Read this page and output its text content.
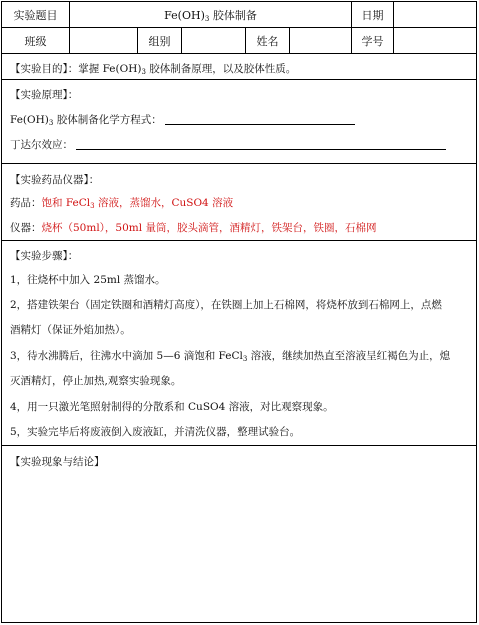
实验题目	$Fe(OH)_3$ 胶体制备	日期
班级	组别	姓名	学号
【实验目的】：掌握 $Fe(OH)_3$ 胶体制备原理，以及胶体性质。
【实验原理】：
$Fe(OH)_3$ 胶体制备化学方程式：
丁达尔效应：
【实验药品仪器】：
药品：饱和 FeCl$_3$ 溶液，蒸馏水，CuSO4 溶液
仪器：烧杯（50ml），50ml 量筒，胶头滴管，酒精灯，铁架台，铁圈，石棉网
【实验步骤】：
1，往烧杯中加入 25ml 蒸馏水。
2，搭建铁架台（固定铁圈和酒精灯高度），在铁圈上加上石棉网，将烧杯放到石棉网上，点燃
酒精灯（保证外焰加热）。
3，待水沸腾后，往沸水中滴加 5—6 滴饱和 FeCl$_3$ 溶液，继续加热直至溶液呈红褐色为止，熄
灭酒精灯，停止加热,观察实验现象。
4，用一只激光笔照射制得的分散系和 CuSO4 溶液，对比观察现象。
5，实验完毕后将废液倒入废液缸，并清洗仪器，整理试验台。
【实验现象与结论】
